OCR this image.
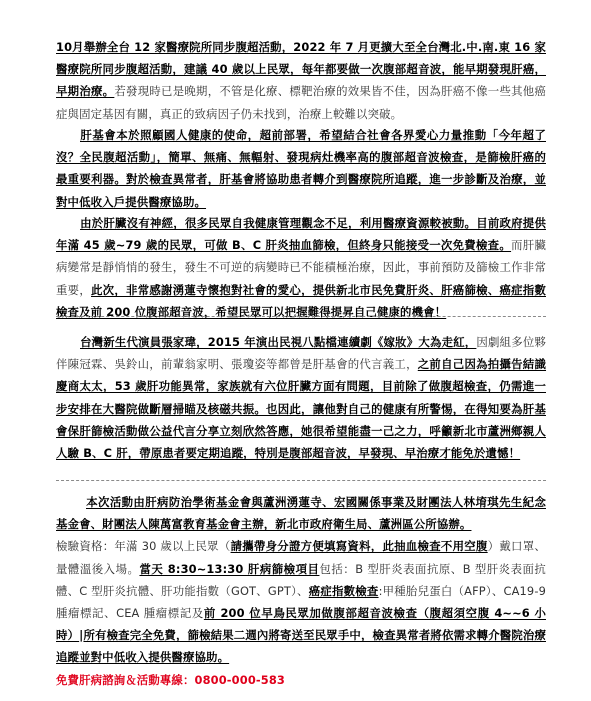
10月舉辦全台 12 家醫療院所同步腹超活動，2022 年 7 月更擴大至全台灣北.中.南.東 16 家醫療院所同步腹超活動，建議 40 歲以上民眾，每年都要做一次腹部超音波，能早期發現肝癌，早期治療。若發現時已是晚期，不管是化療、標靶治療的效果皆不佳，因為肝癌不像一些其他癌症與固定基因有關，真正的致病因子仍未找到，治療上較難以突破。
肝基會本於照顧國人健康的使命，超前部署，希望結合社會各界愛心力量推動「今年超了沒？全民腹超活動」，簡單、無痛、無輻射、發現病灶機率高的腹部超音波檢查，是篩檢肝癌的最重要利器。對於檢查異常者，肝基會將協助患者轉介到醫療院所追蹤，進一步診斷及治療，並對中低收入戶提供醫療協助。
由於肝臟沒有神經，很多民眾自我健康管理觀念不足，利用醫療資源較被動。目前政府提供年滿 45 歲~79 歲的民眾，可做 B、C 肝炎抽血篩檢，但終身只能接受一次免費檢查。而肝臟病變常是靜悄悄的發生，發生不可逆的病變時已不能積極治療，因此，事前預防及篩檢工作非常重要，此次，非常感謝湧蓮寺懷抱對社會的愛心，提供新北市民免費肝炎、肝癌篩檢、癌症指數檢查及前 200 位腹部超音波，希望民眾可以把握難得提昇自己健康的機會！
台灣新生代演員張家瑋，2015 年演出民視八點檔連續劇《嫁妝》大為走紅，因劇組多位夥伴陳冠霖、吳鈴山，前輩翁家明、張瓊姿等都曾是肝基會的代言義工，之前自己因為拍攝告結識慶商太太，53 歲肝功能異常，家族就有六位肝臟方面有問題，目前除了做腹超檢查，仍需進一步安排在大醫院做斷層掃瞄及核磁共振。也因此，讓他對自己的健康有所警惕，在得知要為肝基會保肝篩檢活動做公益代言分享立刻欣然答應，她很希望能盡一己之力，呼籲新北市蘆洲鄉親人人驗 B、C 肝，帶原患者要定期追蹤，特別是腹部超音波，早發現、早治療才能免於遺憾！
本次活動由肝病防治學術基金會與蘆洲湧蓮寺、宏國關係事業及財團法人林堉琪先生紀念基金會、財團法人陳萬富教育基金會主辦，新北市政府衛生局、蘆洲區公所協辦。
檢驗資格：年滿 30 歲以上民眾（請攜帶身分證方便填寫資料，此抽血檢查不用空腹）戴口罩、量體溫後入場。當天 8:30~13:30 肝病篩檢項目包括：B 型肝炎表面抗原、B 型肝炎表面抗體、C 型肝炎抗體、肝功能指數（GOT、GPT）、癌症指數檢查:甲種胎兒蛋白（AFP）、CA19-9 腫瘤標記、CEA 腫瘤標記及前 200 位早鳥民眾加做腹部超音波檢查（腹超須空腹 4~~6 小時）|所有檢查完全免費，篩檢結果二週內將寄送至民眾手中，檢查異常者將依需求轉介醫院治療追蹤並對中低收入提供醫療協助。
免費肝病諮詢＆活動專線：0800-000-583
